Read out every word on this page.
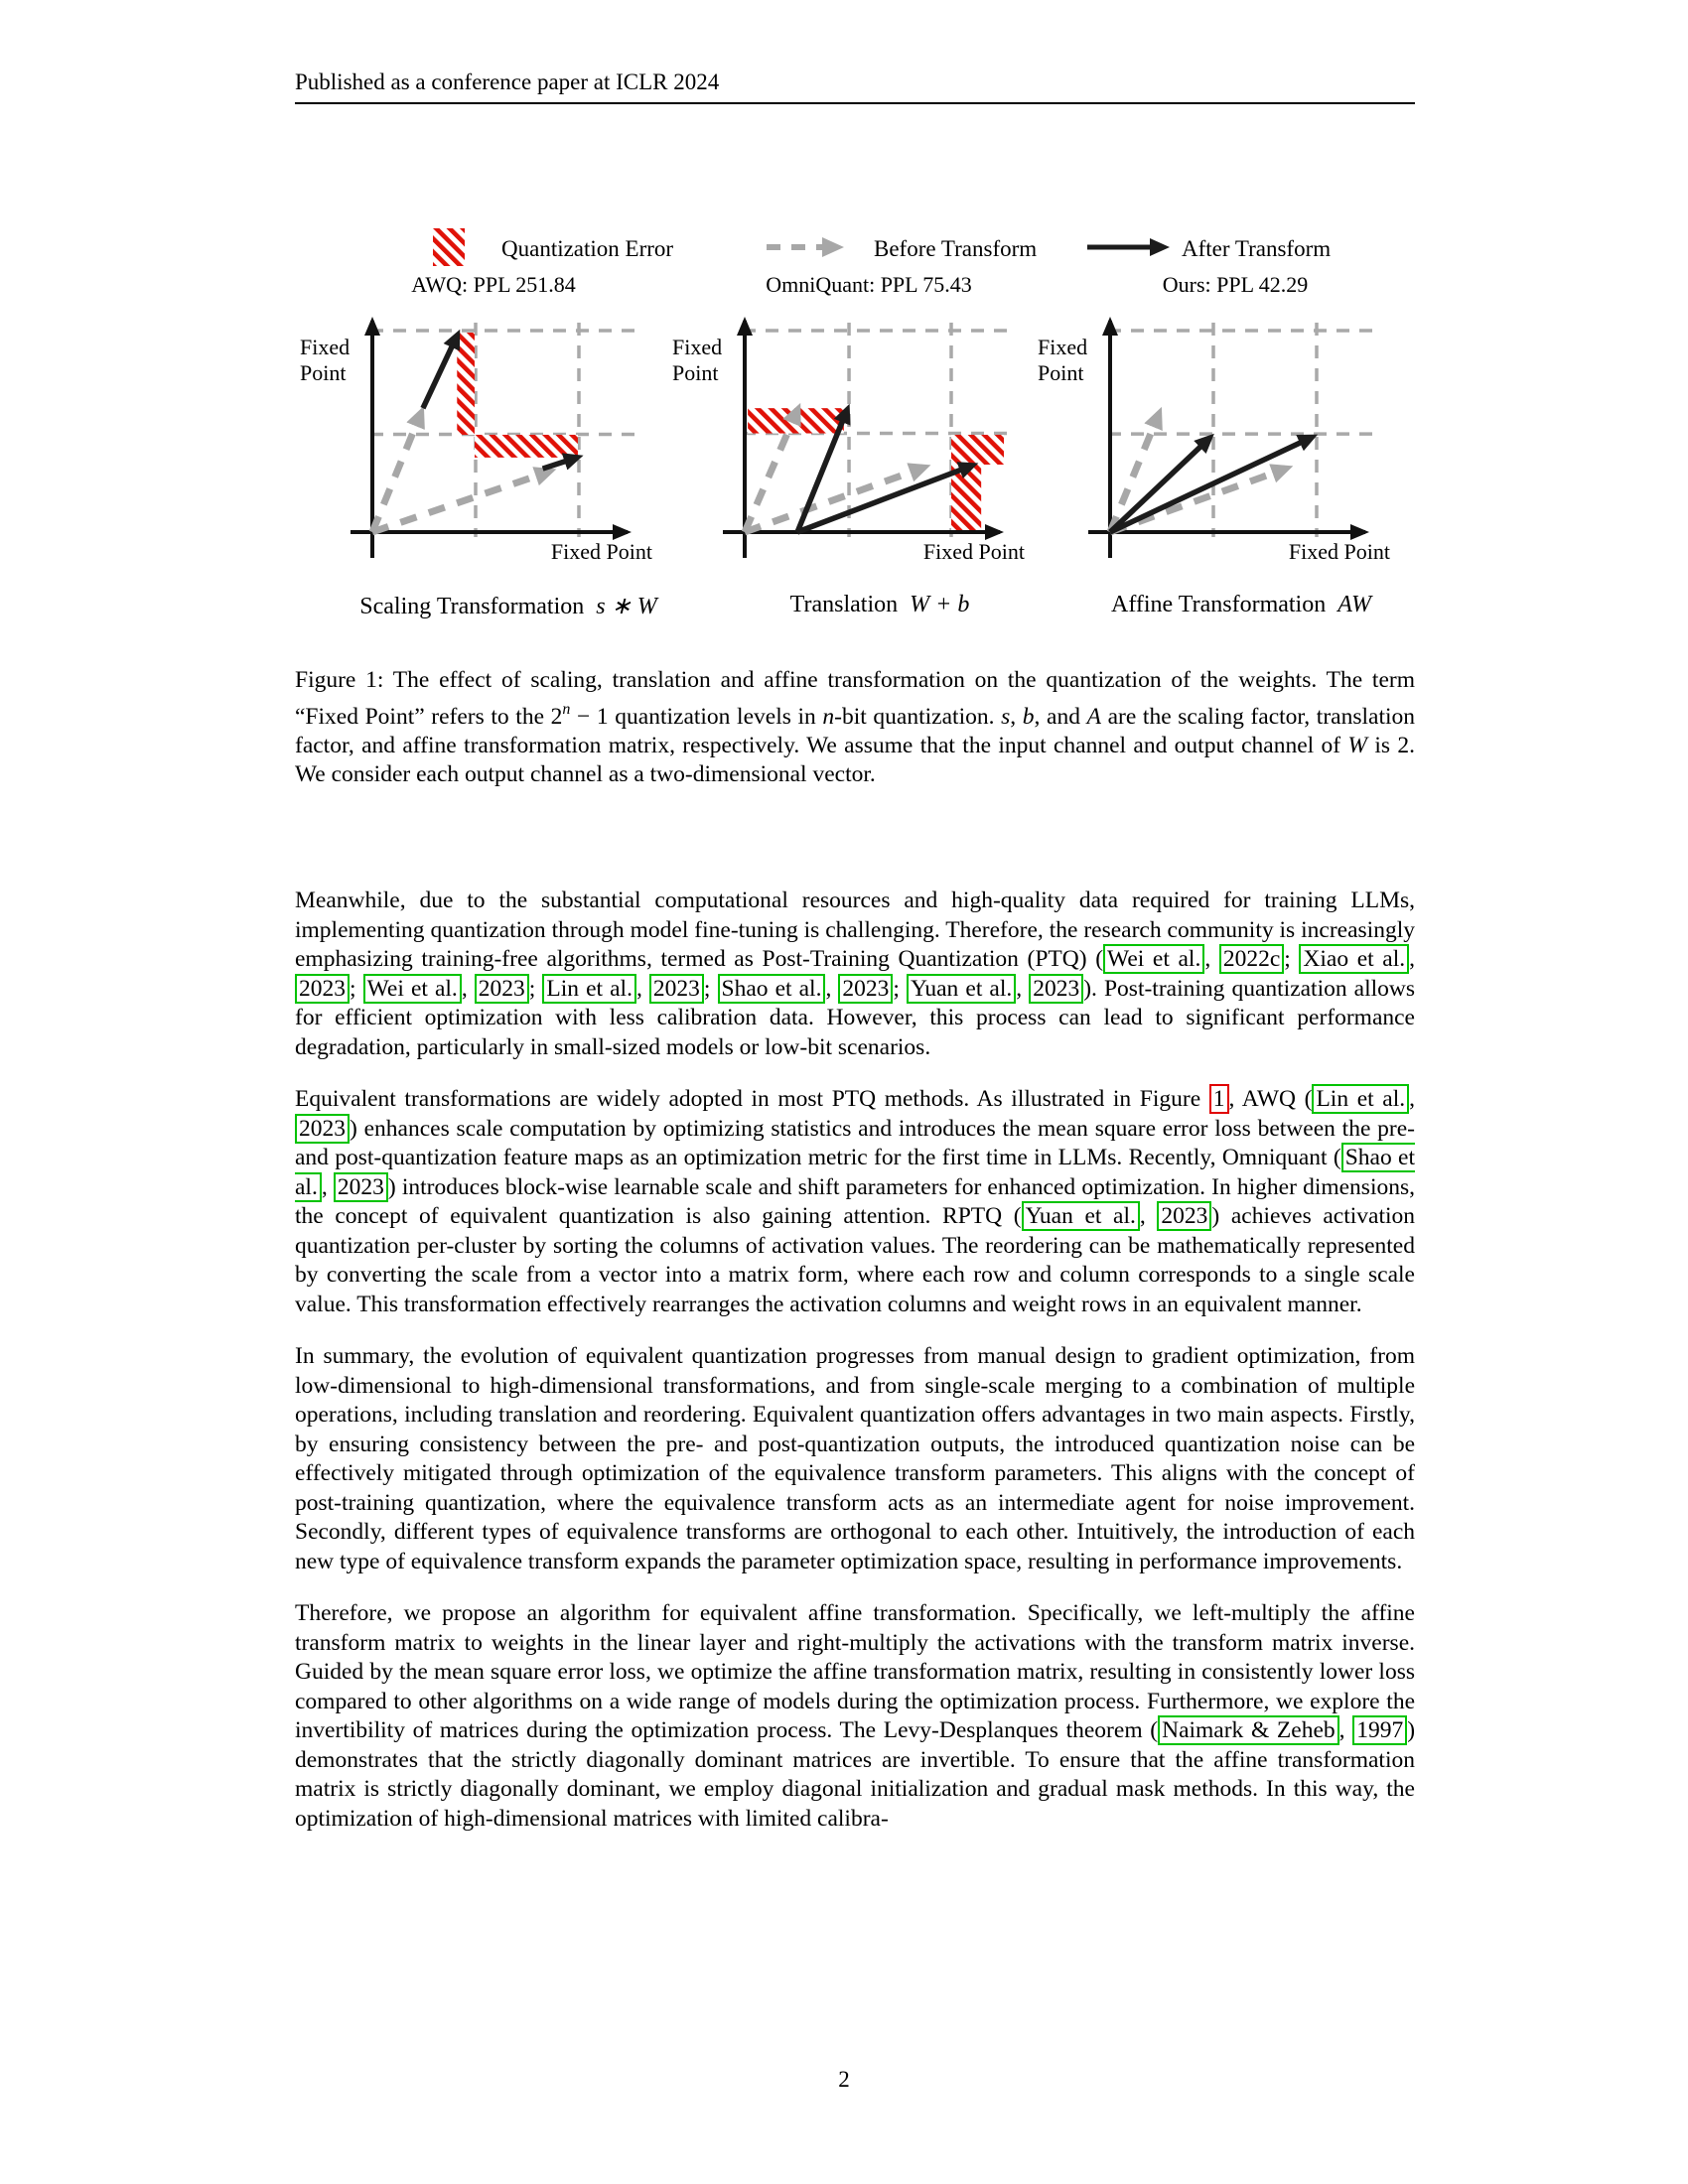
Published as a conference paper at ICLR 2024
Quantization Error	Before Transform	After Transform
AWQ: PPL 251.84	OmniQuant: PPL 75.43	Ours: PPL 42.29
Fixed Point
Fixed Point
Fixed Point
Fixed Point
Fixed Point
Fixed Point
Scaling Transformation  s ∗ W	Translation  W + b	Affine Transformation  AW
Figure 1: The effect of scaling, translation and affine transformation on the quantization of the weights. The term “Fixed Point” refers to the $2^n - 1$ quantization levels in n-bit quantization. s, b, and A are the scaling factor, translation factor, and affine transformation matrix, respectively. We assume that the input channel and output channel of W is 2. We consider each output channel as a two-dimensional vector.

Meanwhile, due to the substantial computational resources and high-quality data required for training LLMs, implementing quantization through model fine-tuning is challenging. Therefore, the research community is increasingly emphasizing training-free algorithms, termed as Post-Training Quantization (PTQ) ( Wei et al. , 2022c ; Xiao et al. , 2023 ; Wei et al. , 2023 ; Lin et al. , 2023 ; Shao et al. , 2023 ; Yuan et al. , 2023 ). Post-training quantization allows for efficient optimization with less calibration data. However, this process can lead to significant performance degradation, particularly in small-sized models or low-bit scenarios.

Equivalent transformations are widely adopted in most PTQ methods. As illustrated in Figure 1 , AWQ ( Lin et al. , 2023 ) enhances scale computation by optimizing statistics and introduces the mean square error loss between the pre- and post-quantization feature maps as an optimization metric for the first time in LLMs. Recently, Omniquant ( Shao et al. , 2023 ) introduces block-wise learnable scale and shift parameters for enhanced optimization. In higher dimensions, the concept of equivalent quantization is also gaining attention. RPTQ ( Yuan et al. , 2023 ) achieves activation quantization per-cluster by sorting the columns of activation values. The reordering can be mathematically represented by converting the scale from a vector into a matrix form, where each row and column corresponds to a single scale value. This transformation effectively rearranges the activation columns and weight rows in an equivalent manner.

In summary, the evolution of equivalent quantization progresses from manual design to gradient optimization, from low-dimensional to high-dimensional transformations, and from single-scale merging to a combination of multiple operations, including translation and reordering. Equivalent quantization offers advantages in two main aspects. Firstly, by ensuring consistency between the pre- and post-quantization outputs, the introduced quantization noise can be effectively mitigated through optimization of the equivalence transform parameters. This aligns with the concept of post-training quantization, where the equivalence transform acts as an intermediate agent for noise improvement. Secondly, different types of equivalence transforms are orthogonal to each other. Intuitively, the introduction of each new type of equivalence transform expands the parameter optimization space, resulting in performance improvements.

Therefore, we propose an algorithm for equivalent affine transformation. Specifically, we left-multiply the affine transform matrix to weights in the linear layer and right-multiply the activations with the transform matrix inverse. Guided by the mean square error loss, we optimize the affine transformation matrix, resulting in consistently lower loss compared to other algorithms on a wide range of models during the optimization process. Furthermore, we explore the invertibility of matrices during the optimization process. The Levy-Desplanques theorem ( Naimark & Zeheb , 1997 ) demonstrates that the strictly diagonally dominant matrices are invertible. To ensure that the affine transformation matrix is strictly diagonally dominant, we employ diagonal initialization and gradual mask methods. In this way, the optimization of high-dimensional matrices with limited calibra-

2
